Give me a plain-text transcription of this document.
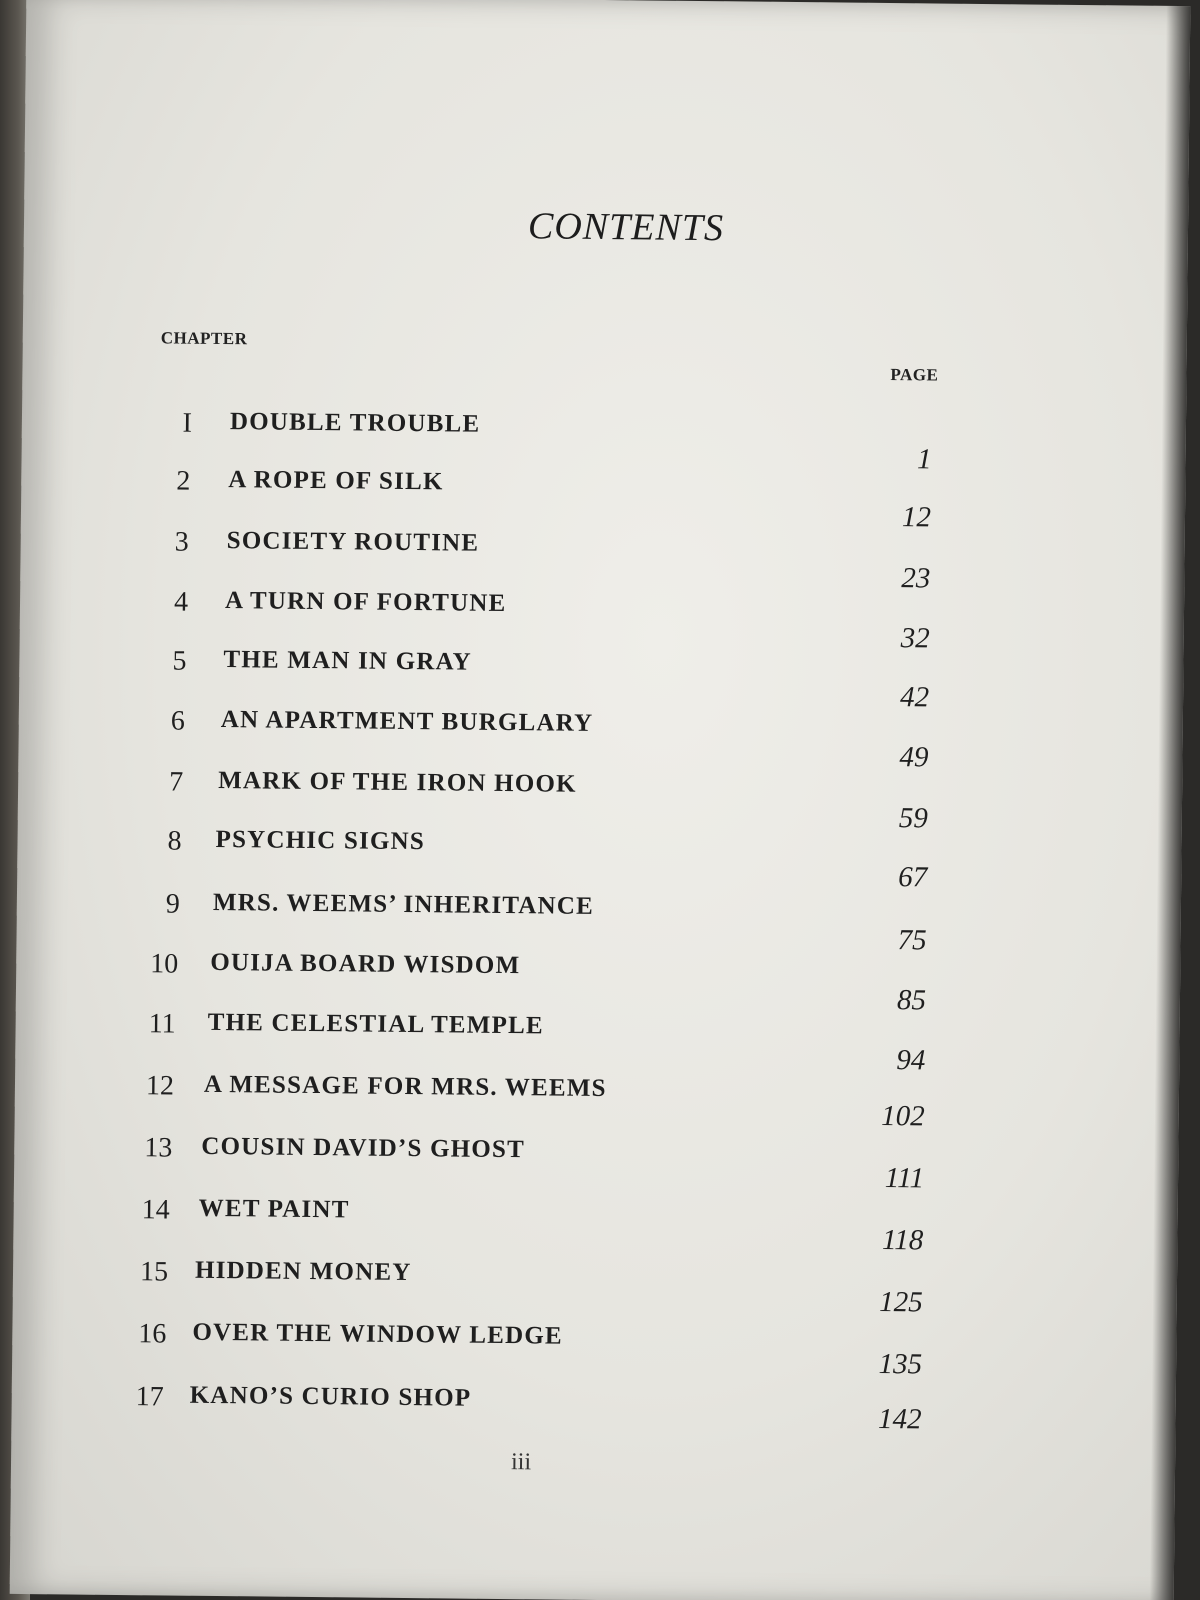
CONTENTS
CHAPTER
PAGE
I DOUBLE TROUBLE
1
2 A ROPE OF SILK
12
3 SOCIETY ROUTINE
23
4 A TURN OF FORTUNE
32
5 THE MAN IN GRAY
42
6 AN APARTMENT BURGLARY
49
7 MARK OF THE IRON HOOK
59
8 PSYCHIC SIGNS
67
9 MRS. WEEMS’ INHERITANCE
75
10 OUIJA BOARD WISDOM
85
11 THE CELESTIAL TEMPLE
94
12 A MESSAGE FOR MRS. WEEMS
102
13 COUSIN DAVID’S GHOST
111
14 WET PAINT
118
15 HIDDEN MONEY
125
16 OVER THE WINDOW LEDGE
135
17 KANO’S CURIO SHOP
142
iii
